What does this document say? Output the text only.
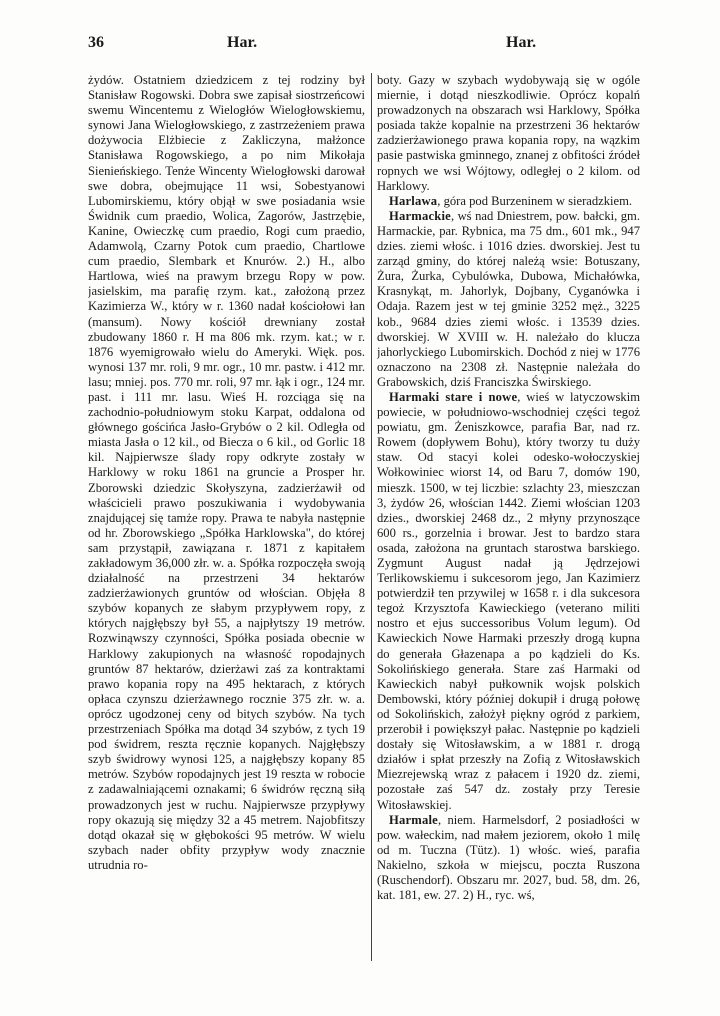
36	Har.	Har.

żydów. Ostatniem dziedzicem z tej rodziny był Stanisław Rogowski. Dobra swe zapisał siostrzeńcowi swemu Wincentemu z Wielogłów Wielogłowskiemu, synowi Jana Wielogłowskiego, z zastrzeżeniem prawa dożywocia Elżbiecie z Zakliczyna, małżonce Stanisława Rogowskiego, a po nim Mikołaja Sienieńskiego. Tenże Wincenty Wielogłowski darował swe dobra, obejmujące 11 wsi, Sobestyanowi Lubomirskiemu, który objął w swe posiadania wsie Świdnik cum praedio, Wolica, Zagorów, Jastrzębie, Kanine, Owieczkę cum praedio, Rogi cum praedio, Adamwolą, Czarny Potok cum praedio, Chartlowe cum praedio, Slembark et Knurów. 2.) H., albo Hartlowa, wieś na prawym brzegu Ropy w pow. jasielskim, ma parafię rzym. kat., założoną przez Kazimierza W., który w r. 1360 nadał kościołowi łan (mansum). Nowy kościół drewniany został zbudowany 1860 r. H ma 806 mk. rzym. kat.; w r. 1876 wyemigrowało wielu do Ameryki. Więk. pos. wynosi 137 mr. roli, 9 mr. ogr., 10 mr. pastw. i 412 mr. lasu; mniej. pos. 770 mr. roli, 97 mr. łąk i ogr., 124 mr. past. i 111 mr. lasu. Wieś H. rozciąga się na zachodnio-południowym stoku Karpat, oddalona od głównego gościńca Jasło-Grybów o 2 kil. Odległa od miasta Jasła o 12 kil., od Biecza o 6 kil., od Gorlic 18 kil. Najpierwsze ślady ropy odkryte zostały w Harklowy w roku 1861 na gruncie a Prosper hr. Zborowski dziedzic Skołyszyna, zadzierżawił od właścicieli prawo poszukiwania i wydobywania znajdującej się tamże ropy. Prawa te nabyła następnie od hr. Zborowskiego „Spółka Harklowska", do której sam przystąpił, zawiązana r. 1871 z kapitałem zakładowym 36,000 złr. w. a. Spółka rozpoczęła swoją działalność na przestrzeni 34 hektarów zadzierżawionych gruntów od włościan. Objęła 8 szybów kopanych ze słabym przypływem ropy, z których najgłębszy był 55, a najpłytszy 19 metrów. Rozwinąwszy czynności, Spółka posiada obecnie w Harklowy zakupionych na własność ropodajnych gruntów 87 hektarów, dzierżawi zaś za kontraktami prawo kopania ropy na 495 hektarach, z których opłaca czynszu dzierżawnego rocznie 375 złr. w. a. oprócz ugodzonej ceny od bitych szybów. Na tych przestrzeniach Spółka ma dotąd 34 szybów, z tych 19 pod świdrem, reszta ręcznie kopanych. Najgłębszy szyb świdrowy wynosi 125, a najgłębszy kopany 85 metrów. Szybów ropodajnych jest 19 reszta w robocie z zadawalniającemi oznakami; 6 świdrów ręczną siłą prowadzonych jest w ruchu. Najpierwsze przypływy ropy okazują się między 32 a 45 metrem. Najobfitszy dotąd okazał się w głębokości 95 metrów. W wielu szybach nader obfity przypływ wody znacznie utrudnia ro-

boty. Gazy w szybach wydobywają się w ogóle miernie, i dotąd nieszkodliwie. Oprócz kopalń prowadzonych na obszarach wsi Harklowy, Spółka posiada także kopalnie na przestrzeni 36 hektarów zadzierżawionego prawa kopania ropy, na wązkim pasie pastwiska gminnego, znanej z obfitości źródeł ropnych we wsi Wójtowy, odległej o 2 kilom. od Harklowy.

Harlawa, góra pod Burzeninem w sieradzkiem.

Harmackie, wś nad Dniestrem, pow. bałcki, gm. Harmackie, par. Rybnica, ma 75 dm., 601 mk., 947 dzies. ziemi włośc. i 1016 dzies. dworskiej. Jest tu zarząd gminy, do której należą wsie: Botuszany, Żura, Żurka, Cybulówka, Dubowa, Michałówka, Krasnykąt, m. Jahorlyk, Dojbany, Cyganówka i Odaja. Razem jest w tej gminie 3252 męż., 3225 kob., 9684 dzies ziemi włośc. i 13539 dzies. dworskiej. W XVIII w. H. należało do klucza jahorlyckiego Lubomirskich. Dochód z niej w 1776 oznaczono na 2308 zł. Następnie należała do Grabowskich, dziś Franciszka Świrskiego.

Harmaki stare i nowe, wieś w latyczowskim powiecie, w południowo-wschodniej części tegoż powiatu, gm. Żeniszkowce, parafia Bar, nad rz. Rowem (dopływem Bohu), który tworzy tu duży staw. Od stacyi kolei odesko-wołoczyskiej Wołkowiniec wiorst 14, od Baru 7, domów 190, mieszk. 1500, w tej liczbie: szlachty 23, mieszczan 3, żydów 26, włościan 1442. Ziemi włościan 1203 dzies., dworskiej 2468 dz., 2 młyny przynoszące 600 rs., gorzelnia i browar. Jest to bardzo stara osada, założona na gruntach starostwa barskiego. Zygmunt August nadał ją Jędrzejowi Terlikowskiemu i sukcesorom jego, Jan Kazimierz potwierdził ten przywilej w 1658 r. i dla sukcesora tegoż Krzysztofa Kawieckiego (veterano militi nostro et ejus successoribus Volum legum). Od Kawieckich Nowe Harmaki przeszły drogą kupna do generała Głazenapa a po kądzieli do Ks. Sokolińskiego generała. Stare zaś Harmaki od Kawieckich nabył pułkownik wojsk polskich Dembowski, który później dokupił i drugą połowę od Sokolińskich, założył piękny ogród z parkiem, przerobił i powiększył pałac. Następnie po kądzieli dostały się Witosławskim, a w 1881 r. drogą działów i spłat przeszły na Zofią z Witosławskich Miezrejewską wraz z pałacem i 1920 dz. ziemi, pozostałe zaś 547 dz. zostały przy Teresie Witosławskiej.

Harmale, niem. Harmelsdorf, 2 posiadłości w pow. wałeckim, nad małem jeziorem, około 1 milę od m. Tuczna (Tütz). 1) włośc. wieś, parafia Nakielno, szkoła w miejscu, poczta Ruszona (Ruschendorf). Obszaru mr. 2027, bud. 58, dm. 26, kat. 181, ew. 27. 2) H., ryc. wś,
